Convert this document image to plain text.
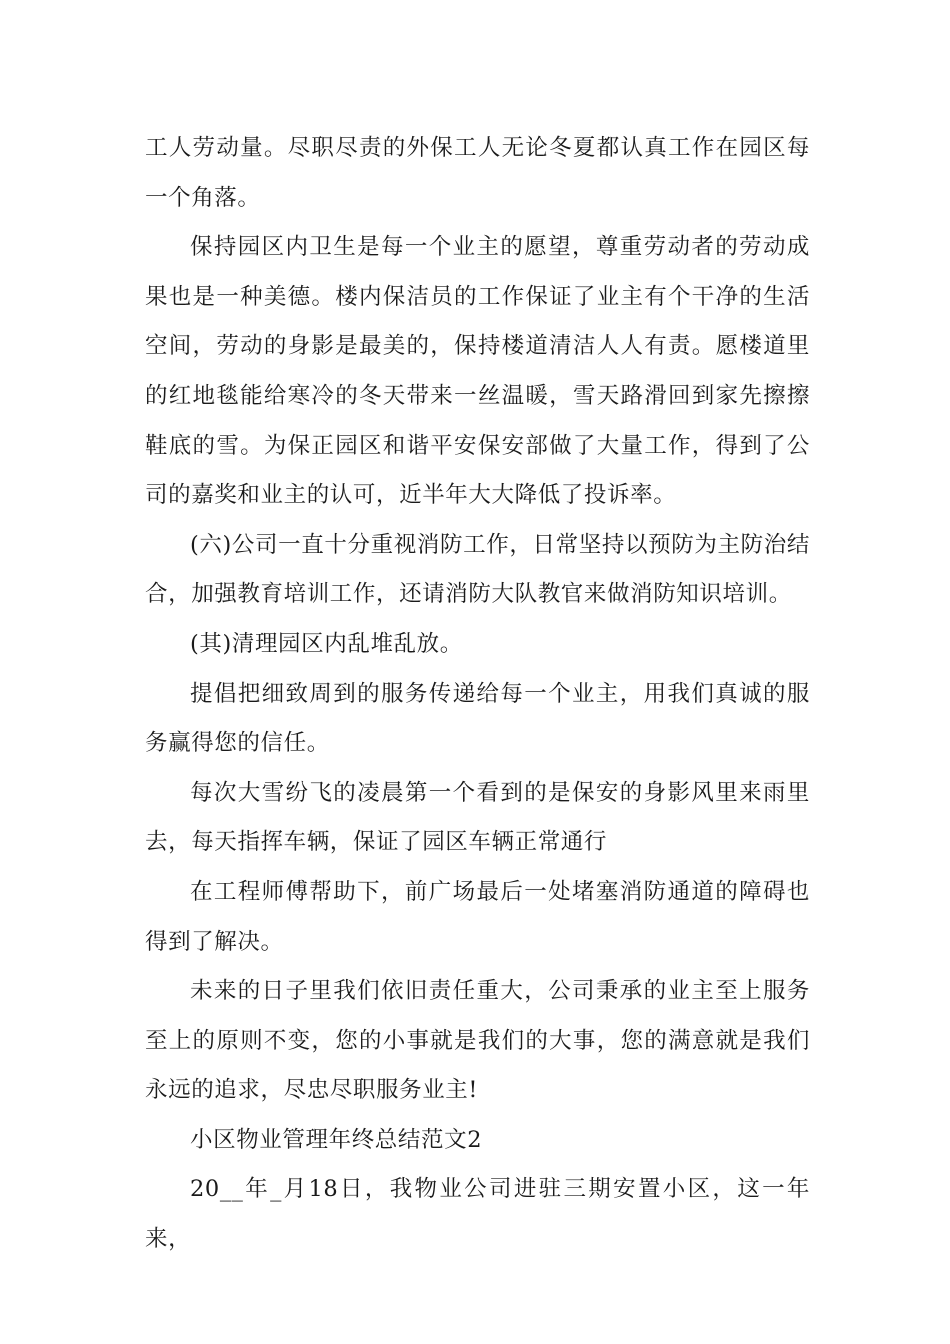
工人劳动量。尽职尽责的外保工人无论冬夏都认真工作在园区每一个角落。

保持园区内卫生是每一个业主的愿望，尊重劳动者的劳动成果也是一种美德。楼内保洁员的工作保证了业主有个干净的生活空间，劳动的身影是最美的，保持楼道清洁人人有责。愿楼道里的红地毯能给寒冷的冬天带来一丝温暖，雪天路滑回到家先擦擦鞋底的雪。为保正园区和谐平安保安部做了大量工作，得到了公司的嘉奖和业主的认可，近半年大大降低了投诉率。

(六)公司一直十分重视消防工作，日常坚持以预防为主防治结合，加强教育培训工作，还请消防大队教官来做消防知识培训。

(其)清理园区内乱堆乱放。

提倡把细致周到的服务传递给每一个业主，用我们真诚的服务赢得您的信任。

每次大雪纷飞的凌晨第一个看到的是保安的身影风里来雨里去，每天指挥车辆，保证了园区车辆正常通行

在工程师傅帮助下，前广场最后一处堵塞消防通道的障碍也得到了解决。

未来的日子里我们依旧责任重大，公司秉承的业主至上服务至上的原则不变，您的小事就是我们的大事，您的满意就是我们永远的追求，尽忠尽职服务业主!

小区物业管理年终总结范文2

20__年_月18日，我物业公司进驻三期安置小区，这一年来，
